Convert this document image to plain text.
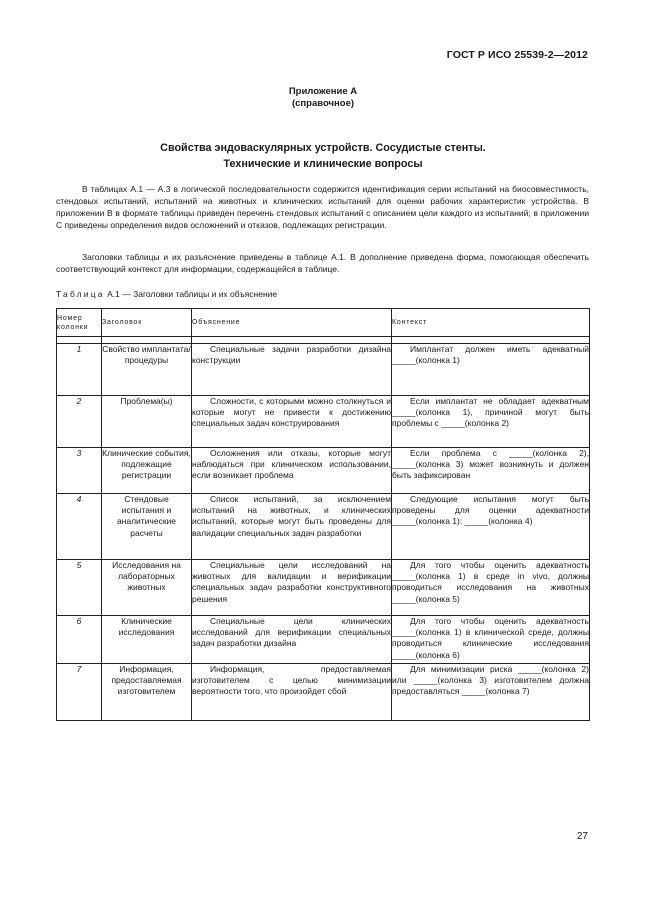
ГОСТ Р ИСО 25539-2—2012
Приложение А
(справочное)
Свойства эндоваскулярных устройств. Сосудистые стенты.
Технические и клинические вопросы

В таблицах А.1 — А.3 в логической последовательности содержится идентификация серии испытаний на биосовместимость, стендовых испытаний, испытаний на животных и клинических испытаний для оценки рабочих характеристик устройства. В приложении В в формате таблицы приведен перечень стендовых испытаний с описанием цели каждого из испытаний; в приложении С приведены определения видов осложнений и отказов, подлежащих регистрации.

Заголовки таблицы и их разъяснение приведены в таблице А.1. В дополнение приведена форма, помогающая обеспечить соответствующий контекст для информации, содержащейся в таблице.

Таблица А.1 — Заголовки таблицы и их объяснение
Номер колонки	Заголовок	Объяснение	Контекст

1	Свойство имплантата/процедуры	Специальные задачи разработки дизайна конструкции	Имплантат должен иметь адекватный _____(колонка 1)
2	Проблема(ы)	Сложности, с которыми можно столкнуться и которые могут не привести к достижению специальных задач конструирования	Если имплантат не обладает адекватным _____(колонка 1), причиной могут быть проблемы с _____(колонка 2)
3	Клинические события, подлежащие регистрации	Осложнения или отказы, которые могут наблюдаться при клиническом использовании, если возникает проблема	Если проблема с _____(колонка 2), _____(колонка 3) может возникнуть и должен быть зафиксирован
4	Стендовые испытания и аналитические расчеты	Список испытаний, за исключением испытаний на животных, и клинических испытаний, которые могут быть проведены для валидации специальных задач разработки	Следующие испытания могут быть проведены для оценки адекватности _____(колонка 1): _____(колонка 4)
5	Исследования на лабораторных животных	Специальные цели исследований на животных для валидации и верификации специальных задач разработки конструктивного решения	Для того чтобы оценить адекватность _____(колонка 1) в среде in vivo, должны проводиться исследования на животных _____(колонка 5)
6	Клинические исследования	Специальные цели клинических исследований для верификации специальных задач разработки дизайна	Для того чтобы оценить адекватность _____(колонка 1) в клинической среде, должны проводиться клинические исследования _____(колонка 6)
7	Информация, предоставляемая изготовителем	Информация, предоставляемая изготовителем с целью минимизации вероятности того, что произойдет сбой	Для минимизации риска _____(колонка 2) или _____(колонка 3) изготовителем должна предоставляться _____(колонка 7)
27
